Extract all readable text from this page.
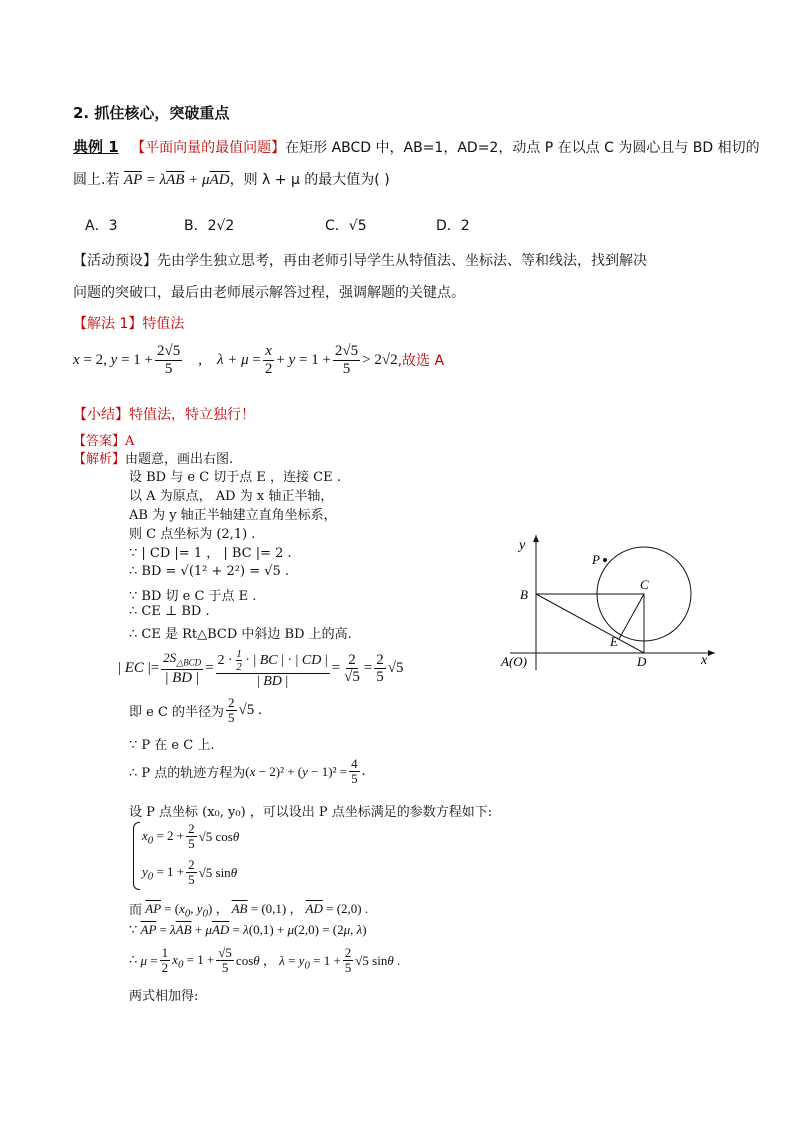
2. 抓住核心，突破重点
典例 1 【平面向量的最值问题】在矩形 ABCD 中，AB=1，AD=2，动点 P 在以点 C 为圆心且与 BD 相切的
圆上.若 $\overline{AP} = \lambda\overline{AB} + \mu\overline{AD}$，则 λ + μ 的最大值为( )
A．3	B．2√2	C．√5	D．2
【活动预设】先由学生独立思考，再由老师引导学生从特值法、坐标法、等和线法，找到解决
问题的突破口，最后由老师展示解答过程，强调解题的关键点。
【解法 1】特值法
x = 2, $y = 1 + \frac{2√5}{5}$ ,    $\lambda + \mu = \frac{x}{2} + y = 1 + \frac{2√5}{5} > 2√2$ ,故选 A
【小结】特值法，特立独行！
【答案】A
【解析】由题意，画出右图.
设 BD 与 e C 切于点 E ，连接 CE .
以 A 为原点， AD 为 x 轴正半轴，
AB 为 y 轴正半轴建立直角坐标系，
则 C 点坐标为 (2,1) .
∵ | CD |= 1 ， | BC |= 2 .
∴ BD = √(1² + 2²) = √5 .
∵ BD 切 e C 于点 E .
∴ CE ⊥ BD .
∴ CE 是 Rt△BCD 中斜边 BD 上的高.
| EC |= $\frac{2S_{\triangle BCD}}{| BD |} = \frac{2 \cdot \frac{1}{2} \cdot | BC | \cdot | CD |}{| BD |} = \frac{2}{√5} = \frac{2}{5} √5$
即 e C 的半径为 $\frac{2}{5} √5$ .
∵ P 在 e C 上.
∴ P 点的轨迹方程为 $(x - 2)^2 + (y - 1)^2 = \frac{4}{5}$ .
设 P 点坐标 (x₀, y₀) ，可以设出 P 点坐标满足的参数方程如下:
$x_0 = 2 + \frac{2}{5} √5$ cosθ
$y_0 = 1 + \frac{2}{5} √5$ sinθ
而 $\overline{AP} = (x_0$, $y_0$) ， $\overline{AB} = (0,1)$ ， $\overline{AD} = (2,0)$ .
∵ $\overline{AP} = \lambda\overline{AB} + \mu\overline{AD} = \lambda(0,1) + \mu(2,0) = (2\mu$, λ)
∴ $\mu = \frac{1}{2} x_0 = 1 + \frac{√5}{5}$ cosθ ， $\lambda = y_0 = 1 + \frac{2}{5} √5$ sinθ .
两式相加得:
y
x
B
C
P
E
D
A(O)
